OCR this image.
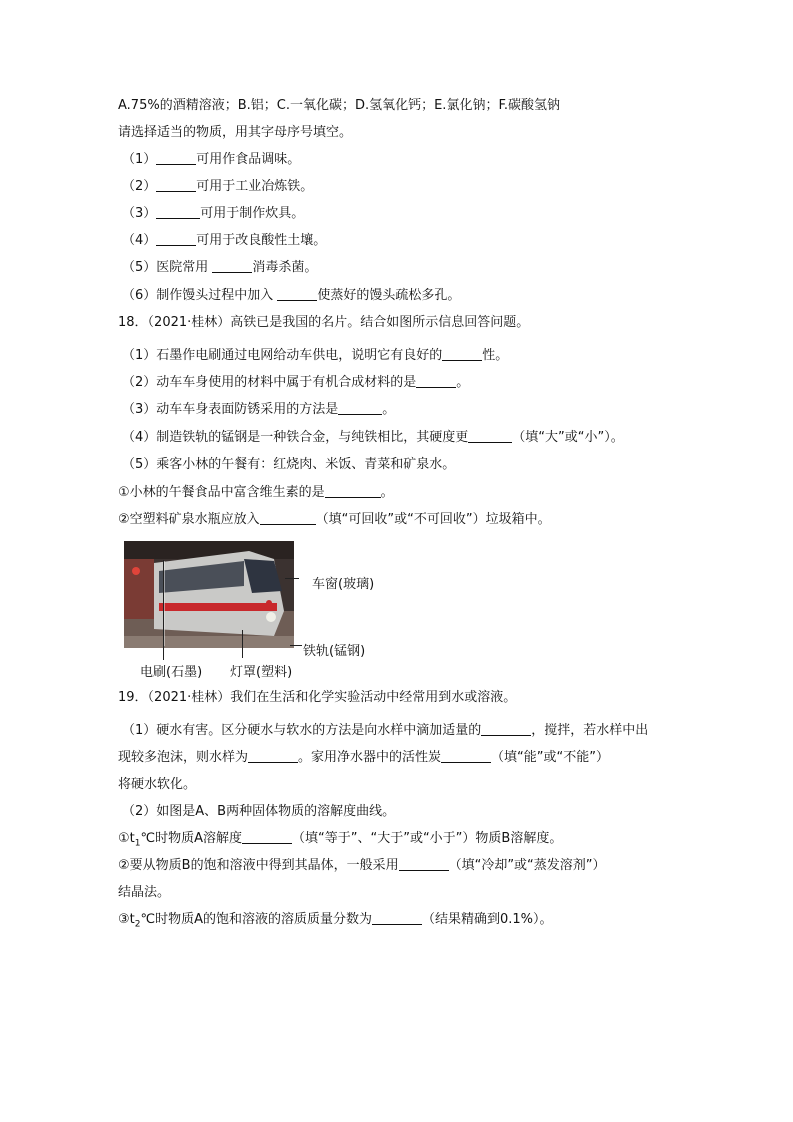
A.75%的酒精溶液；B.铝；C.一氧化碳；D.氢氧化钙；E.氯化钠；F.碳酸氢钠
请选择适当的物质，用其字母序号填空。
（1）	可用作食品调味。
（2）	可用于工业冶炼铁。
（3）	可用于制作炊具。
（4）	可用于改良酸性土壤。
（5）医院常用	消毒杀菌。
（6）制作馒头过程中加入	使蒸好的馒头疏松多孔。
18．（2021·桂林）高铁已是我国的名片。结合如图所示信息回答问题。
（1）石墨作电刷通过电网给动车供电，说明它有良好的	性。
（2）动车车身使用的材料中属于有机合成材料的是	。
（3）动车车身表面防锈采用的方法是	。
（4）制造铁轨的锰钢是一种铁合金，与纯铁相比，其硬度更	（填“大”或“小”）。
（5）乘客小林的午餐有：红烧肉、米饭、青菜和矿泉水。
①小林的午餐食品中富含维生素的是	。
②空塑料矿泉水瓶应放入	（填“可回收”或“不可回收”）垃圾箱中。
车窗(玻璃)
铁轨(锰钢)
电刷(石墨) 灯罩(塑料)
19．（2021·桂林）我们在生活和化学实验活动中经常用到水或溶液。
（1）硬水有害。区分硬水与软水的方法是向水样中滴加适量的	，搅拌，若水样中出
现较多泡沫，则水样为	。家用净水器中的活性炭	（填“能”或“不能”）
将硬水软化。
（2）如图是A、B两种固体物质的溶解度曲线。
$①t_1℃$时物质A溶解度	（填“等于”、“大于”或“小于”）物质B溶解度。
②要从物质B的饱和溶液中得到其晶体，一般采用	（填“冷却”或“蒸发溶剂”）
结晶法。
$③t_2℃$时物质A的饱和溶液的溶质质量分数为	（结果精确到0.1%）。
